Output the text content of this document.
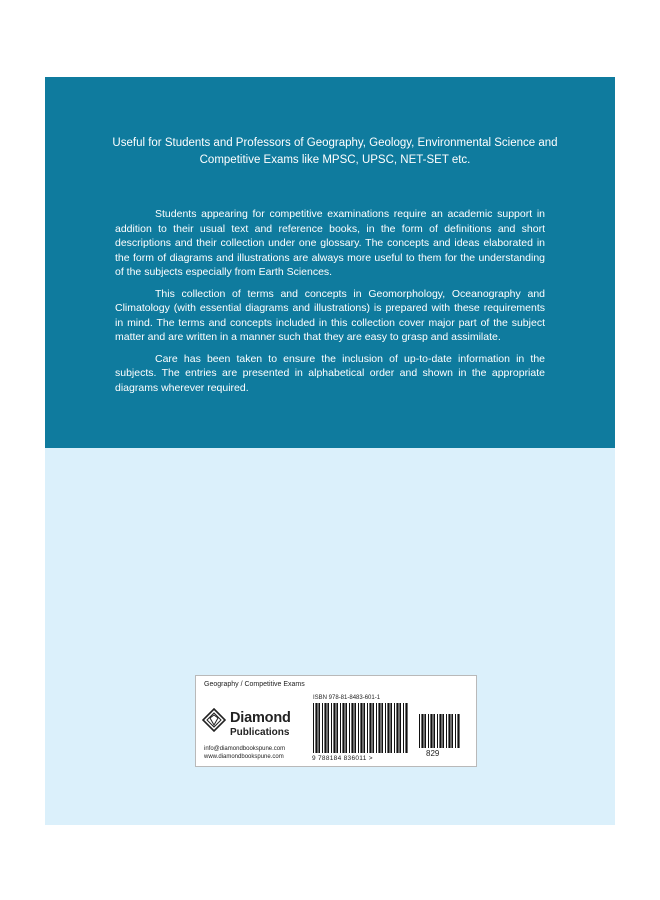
Useful for Students and Professors of Geography, Geology, Environmental Science and Competitive Exams like MPSC, UPSC, NET-SET etc.

Students appearing for competitive examinations require an academic support in addition to their usual text and reference books, in the form of definitions and short descriptions and their collection under one glossary. The concepts and ideas elaborated in the form of diagrams and illustrations are always more useful to them for the understanding of the subjects especially from Earth Sciences.

This collection of terms and concepts in Geomorphology, Oceanography and Climatology (with essential diagrams and illustrations) is prepared with these requirements in mind. The terms and concepts included in this collection cover major part of the subject matter and are written in a manner such that they are easy to grasp and assimilate.

Care has been taken to ensure the inclusion of up-to-date information in the subjects. The entries are presented in alphabetical order and shown in the appropriate diagrams wherever required.

Geography / Competitive Exams
Diamond
Publications
info@diamondbookspune.com
www.diamondbookspune.com
ISBN 978-81-8483-601-1
9 788184 836011 >
829
